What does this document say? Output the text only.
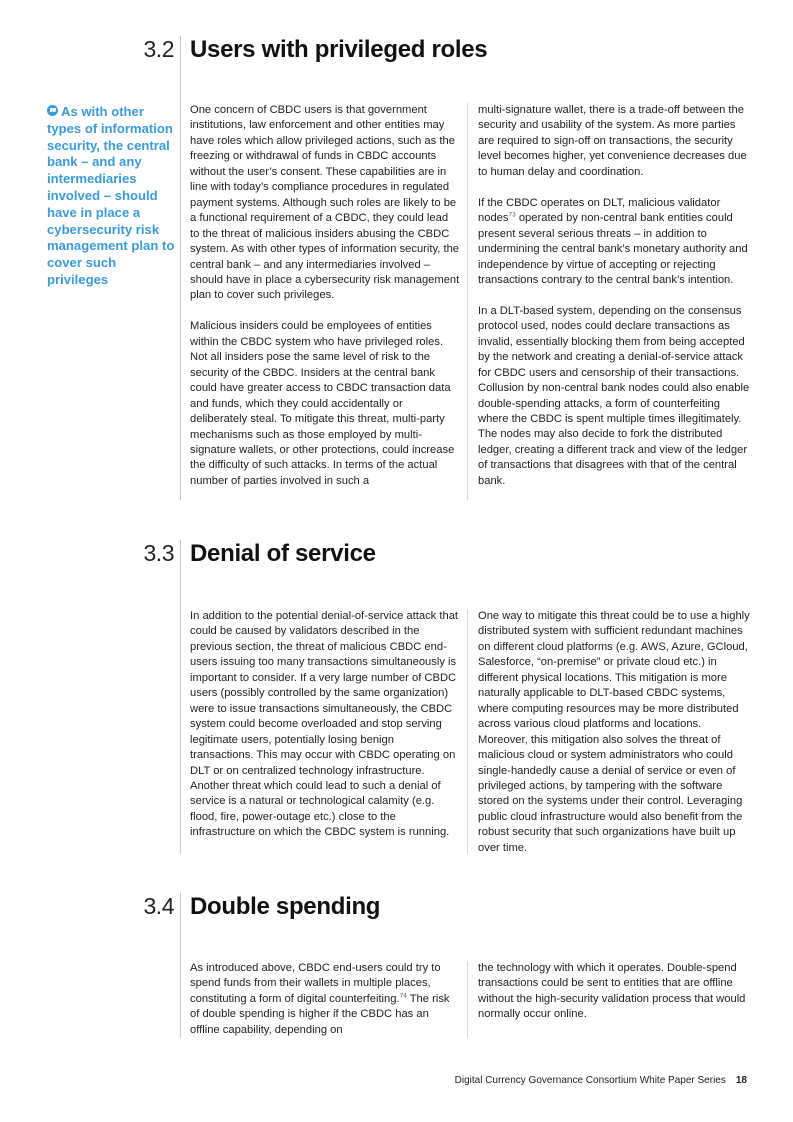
3.2 Users with privileged roles
As with other types of information security, the central bank – and any intermediaries involved – should have in place a cybersecurity risk management plan to cover such privileges

One concern of CBDC users is that government institutions, law enforcement and other entities may have roles which allow privileged actions, such as the freezing or withdrawal of funds in CBDC accounts without the user’s consent. These capabilities are in line with today’s compliance procedures in regulated payment systems. Although such roles are likely to be a functional requirement of a CBDC, they could lead to the threat of malicious insiders abusing the CBDC system. As with other types of information security, the central bank – and any intermediaries involved – should have in place a cybersecurity risk management plan to cover such privileges.

Malicious insiders could be employees of entities within the CBDC system who have privileged roles. Not all insiders pose the same level of risk to the security of the CBDC. Insiders at the central bank could have greater access to CBDC transaction data and funds, which they could accidentally or deliberately steal. To mitigate this threat, multi-party mechanisms such as those employed by multi-signature wallets, or other protections, could increase the difficulty of such attacks. In terms of the actual number of parties involved in such a

multi-signature wallet, there is a trade-off between the security and usability of the system. As more parties are required to sign-off on transactions, the security level becomes higher, yet convenience decreases due to human delay and coordination.

If the CBDC operates on DLT, malicious validator nodes$^{73}$ operated by non-central bank entities could present several serious threats – in addition to undermining the central bank’s monetary authority and independence by virtue of accepting or rejecting transactions contrary to the central bank’s intention.

In a DLT-based system, depending on the consensus protocol used, nodes could declare transactions as invalid, essentially blocking them from being accepted by the network and creating a denial-of-service attack for CBDC users and censorship of their transactions. Collusion by non-central bank nodes could also enable double-spending attacks, a form of counterfeiting where the CBDC is spent multiple times illegitimately. The nodes may also decide to fork the distributed ledger, creating a different track and view of the ledger of transactions that disagrees with that of the central bank.

3.3 Denial of service

In addition to the potential denial-of-service attack that could be caused by validators described in the previous section, the threat of malicious CBDC end-users issuing too many transactions simultaneously is important to consider. If a very large number of CBDC users (possibly controlled by the same organization) were to issue transactions simultaneously, the CBDC system could become overloaded and stop serving legitimate users, potentially losing benign transactions. This may occur with CBDC operating on DLT or on centralized technology infrastructure. Another threat which could lead to such a denial of service is a natural or technological calamity (e.g. flood, fire, power-outage etc.) close to the infrastructure on which the CBDC system is running.

One way to mitigate this threat could be to use a highly distributed system with sufficient redundant machines on different cloud platforms (e.g. AWS, Azure, GCloud, Salesforce, “on-premise” or private cloud etc.) in different physical locations. This mitigation is more naturally applicable to DLT-based CBDC systems, where computing resources may be more distributed across various cloud platforms and locations. Moreover, this mitigation also solves the threat of malicious cloud or system administrators who could single-handedly cause a denial of service or even of privileged actions, by tampering with the software stored on the systems under their control. Leveraging public cloud infrastructure would also benefit from the robust security that such organizations have built up over time.

3.4 Double spending

As introduced above, CBDC end-users could try to spend funds from their wallets in multiple places, constituting a form of digital counterfeiting.$^{74}$ The risk of double spending is higher if the CBDC has an offline capability, depending on

the technology with which it operates. Double-spend transactions could be sent to entities that are offline without the high-security validation process that would normally occur online.

Digital Currency Governance Consortium White Paper Series 18
